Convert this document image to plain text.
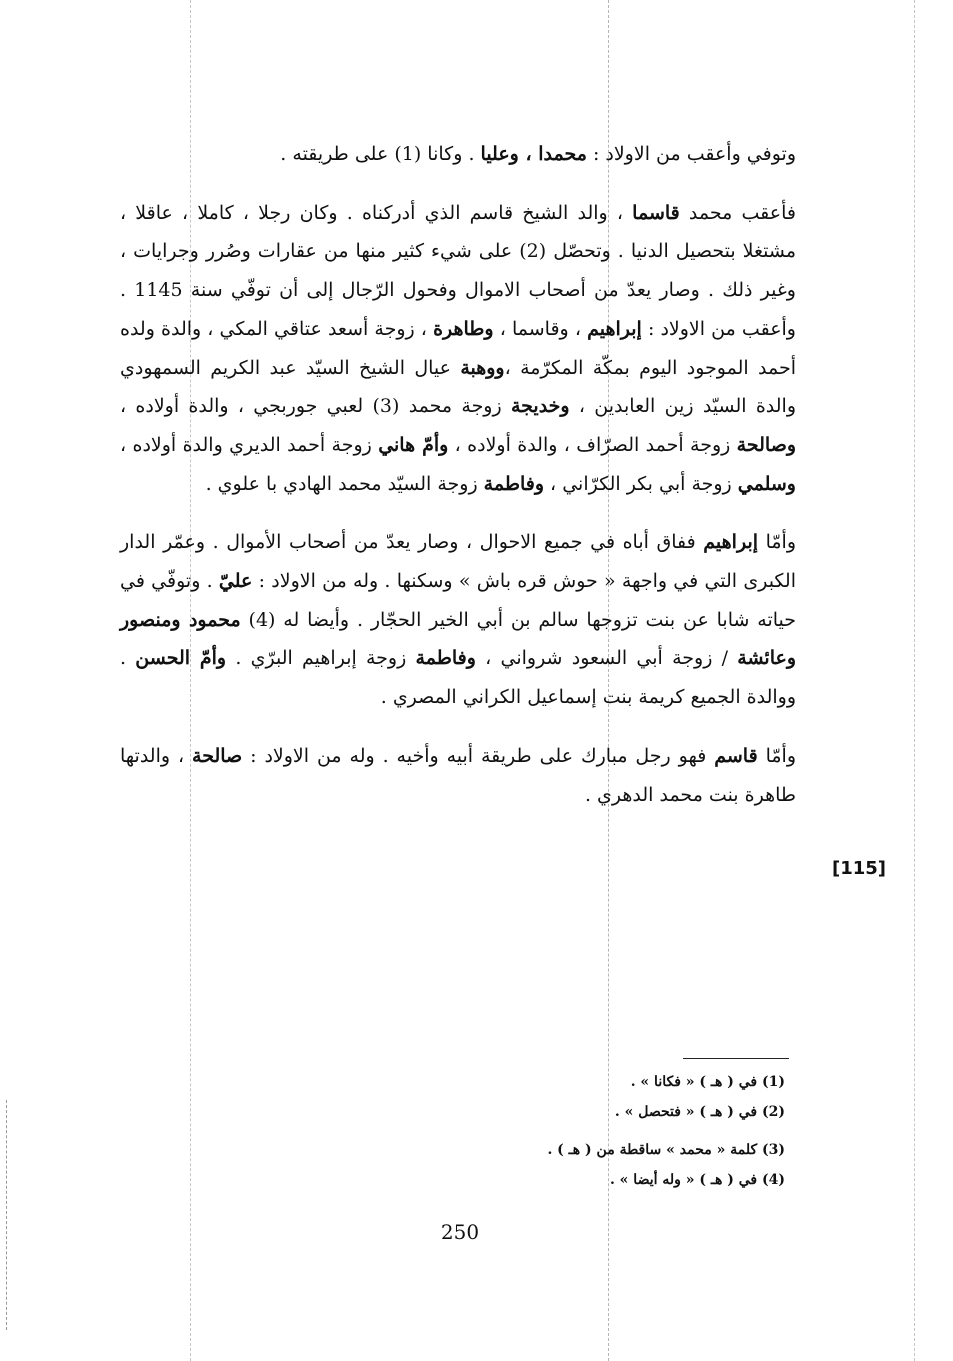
وتوفي وأعقب من الاولاد : محمدا ، وعليا . وكانا (1) على طريقته .

فأعقب محمد قاسما ، والد الشيخ قاسم الذي أدركناه . وكان رجلا ، كاملا ، عاقلا ، مشتغلا بتحصيل الدنيا . وتحصّل (2) على شيء كثير منها من عقارات وصُرر وجرايات ، وغير ذلك . وصار يعدّ من أصحاب الاموال وفحول الرّجال إلى أن توفّي سنة 1145 . وأعقب من الاولاد : إبراهيم ، وقاسما ، وطاهرة ، زوجة أسعد عتاقي المكي ، والدة ولده أحمد الموجود اليوم بمكّة المكرّمة ،ووهبة عيال الشيخ السيّد عبد الكريم السمهودي والدة السيّد زين العابدين ، وخديجة زوجة محمد (3) لعبي جوربجي ، والدة أولاده ، وصالحة زوجة أحمد الصرّاف ، والدة أولاده ، وأمّ هاني زوجة أحمد الديري والدة أولاده ، وسلمي زوجة أبي بكر الكرّاني ، وفاطمة زوجة السيّد محمد الهادي با علوي .

وأمّا إبراهيم ففاق أباه في جميع الاحوال ، وصار يعدّ من أصحاب الأموال . وعمّر الدار الكبرى التي في واجهة « حوش قره باش » وسكنها . وله من الاولاد : عليّ . وتوفّي في حياته شابا عن بنت تزوجها سالم بن أبي الخير الحجّار . وأيضا له (4) محمود ومنصور وعائشة / زوجة أبي السعود شرواني ، وفاطمة زوجة إبراهيم البرّي . وأمّ الحسن . ووالدة الجميع كريمة بنت إسماعيل الكراني المصري .

وأمّا قاسم فهو رجل مبارك على طريقة أبيه وأخيه . وله من الاولاد : صالحة ، والدتها طاهرة بنت محمد الدهري .

[115]
(1) في ( هـ ) « فكانا » .
(2) في ( هـ ) « فتحصل » .
(3) كلمة « محمد » ساقطة من ( هـ ) .
(4) في ( هـ ) « وله أيضا » .
250
